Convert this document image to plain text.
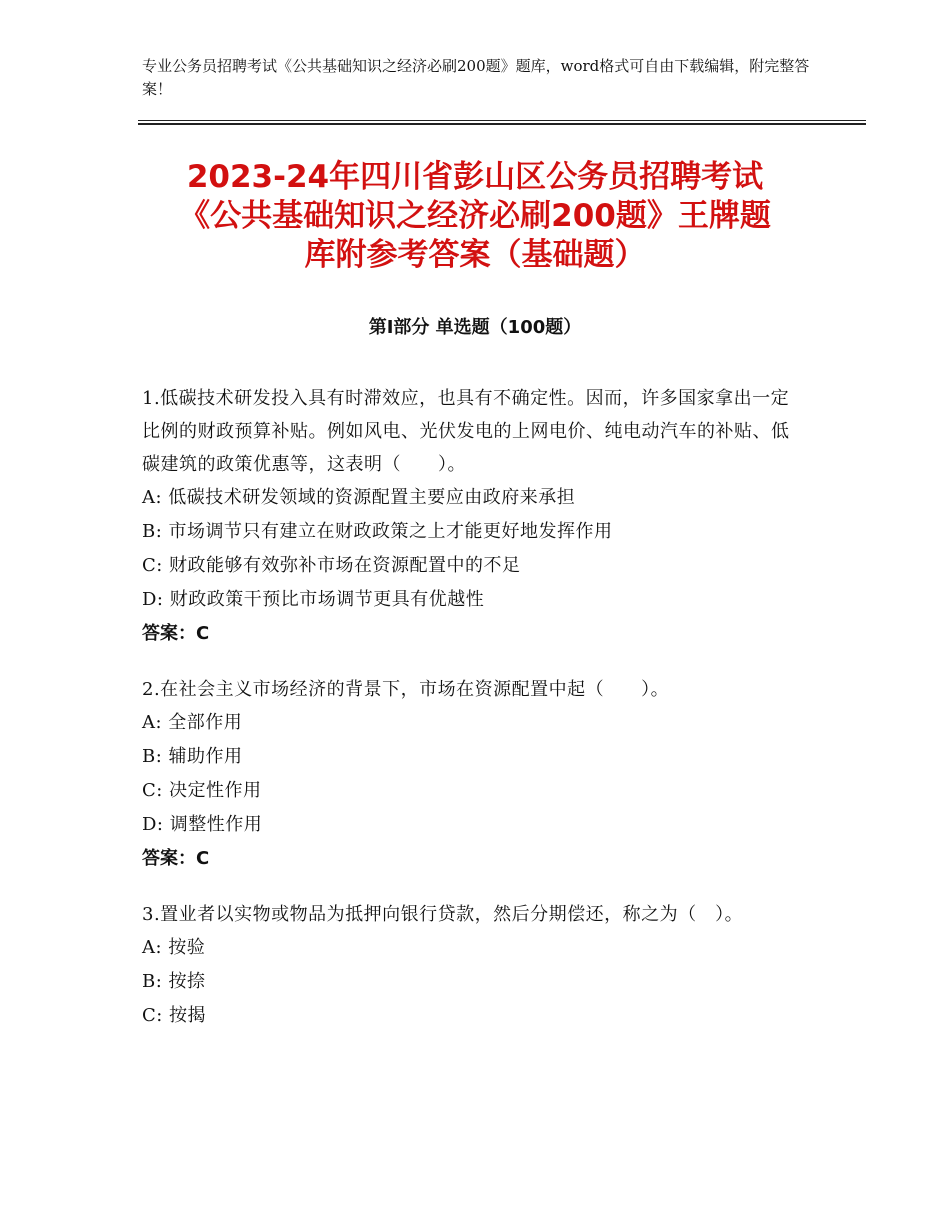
专业公务员招聘考试《公共基础知识之经济必刷200题》题库，word格式可自由下载编辑，附完整答案！
2023-24年四川省彭山区公务员招聘考试
《公共基础知识之经济必刷200题》王牌题
库附参考答案（基础题）
第Ⅰ部分 单选题（100题）
1.低碳技术研发投入具有时滞效应，也具有不确定性。因而，许多国家拿出一定比例的财政预算补贴。例如风电、光伏发电的上网电价、纯电动汽车的补贴、低碳建筑的政策优惠等，这表明（　　）。
A: 低碳技术研发领域的资源配置主要应由政府来承担
B: 市场调节只有建立在财政政策之上才能更好地发挥作用
C: 财政能够有效弥补市场在资源配置中的不足
D: 财政政策干预比市场调节更具有优越性
答案：C
2.在社会主义市场经济的背景下，市场在资源配置中起（　　）。
A: 全部作用
B: 辅助作用
C: 决定性作用
D: 调整性作用
答案：C
3.置业者以实物或物品为抵押向银行贷款，然后分期偿还，称之为（　）。
A: 按验
B: 按捺
C: 按揭
